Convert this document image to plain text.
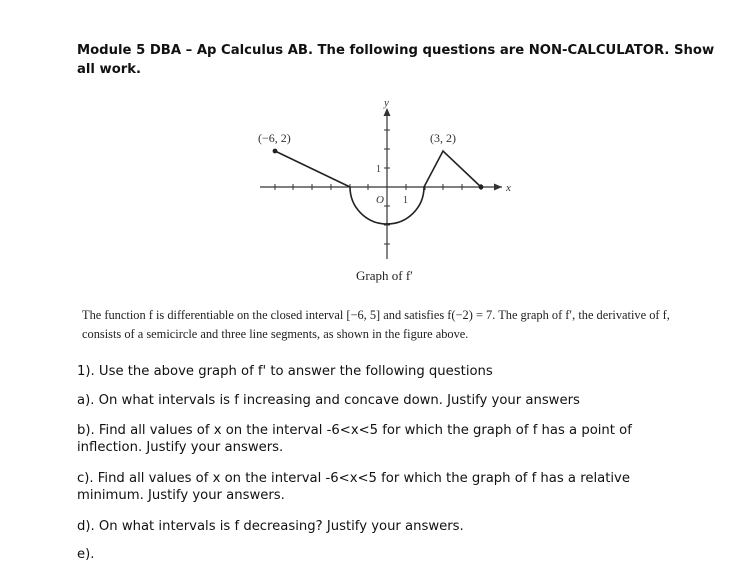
Module 5 DBA – Ap Calculus AB. The following questions are NON-CALCULATOR. Show all work.
y
x
(−6, 2)	(3, 2)
1
O 1
Graph of f′
The function f is differentiable on the closed interval [−6, 5] and satisfies f(−2) = 7. The graph of f′, the derivative of f, consists of a semicircle and three line segments, as shown in the figure above.
1). Use the above graph of f' to answer the following questions
a). On what intervals is f increasing and concave down. Justify your answers
b). Find all values of x on the interval -6<x<5 for which the graph of f has a point of inflection. Justify your answers.
c). Find all values of x on the interval -6<x<5 for which the graph of f has a relative minimum. Justify your answers.
d). On what intervals is f decreasing? Justify your answers.
e).
